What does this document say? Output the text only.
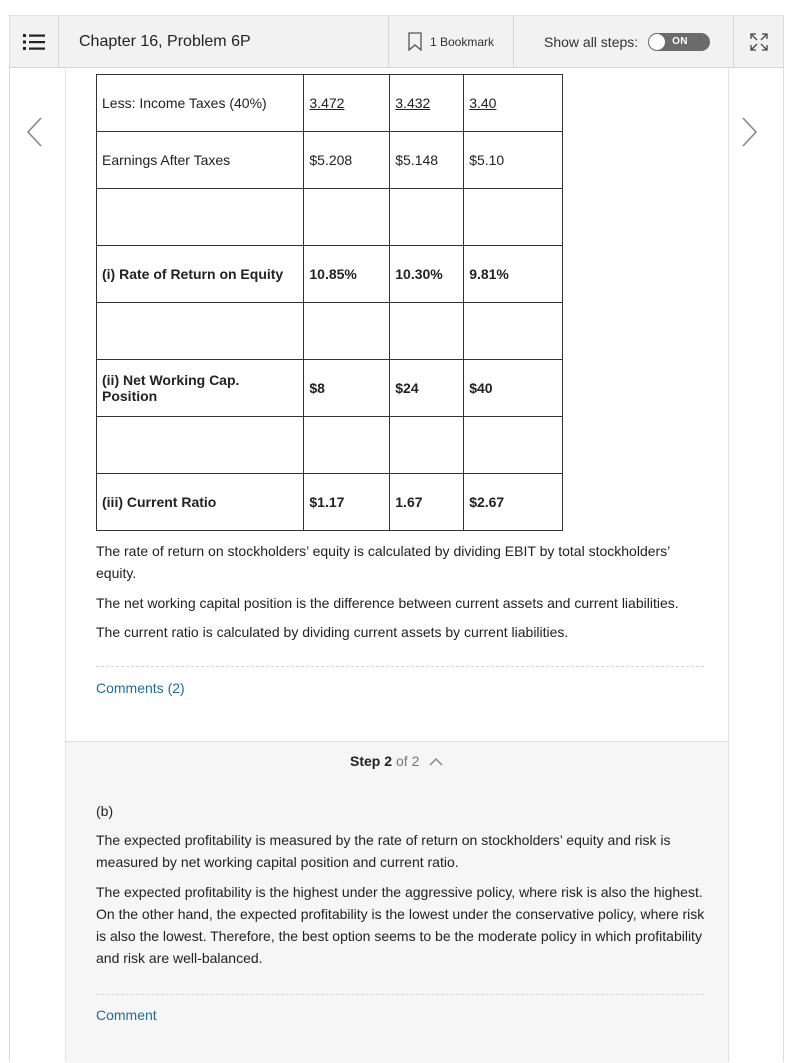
Chapter 16, Problem 6P	1 Bookmark	Show all steps:	ON
Less: Income Taxes (40%)	3.472	3.432	3.40
Earnings After Taxes	$5.208	$5.148	$5.10

(i) Rate of Return on Equity	10.85%	10.30%	9.81%

(ii) Net Working Cap. Position	$8	$24	$40

(iii) Current Ratio	$1.17	1.67	$2.67
The rate of return on stockholders’ equity is calculated by dividing EBIT by total stockholders’ equity.
The net working capital position is the difference between current assets and current liabilities.
The current ratio is calculated by dividing current assets by current liabilities.
Comments (2)
Step 2 of 2
(b)
The expected profitability is measured by the rate of return on stockholders’ equity and risk is measured by net working capital position and current ratio.
The expected profitability is the highest under the aggressive policy, where risk is also the highest. On the other hand, the expected profitability is the lowest under the conservative policy, where risk is also the lowest. Therefore, the best option seems to be the moderate policy in which profitability and risk are well-balanced.
Comment
